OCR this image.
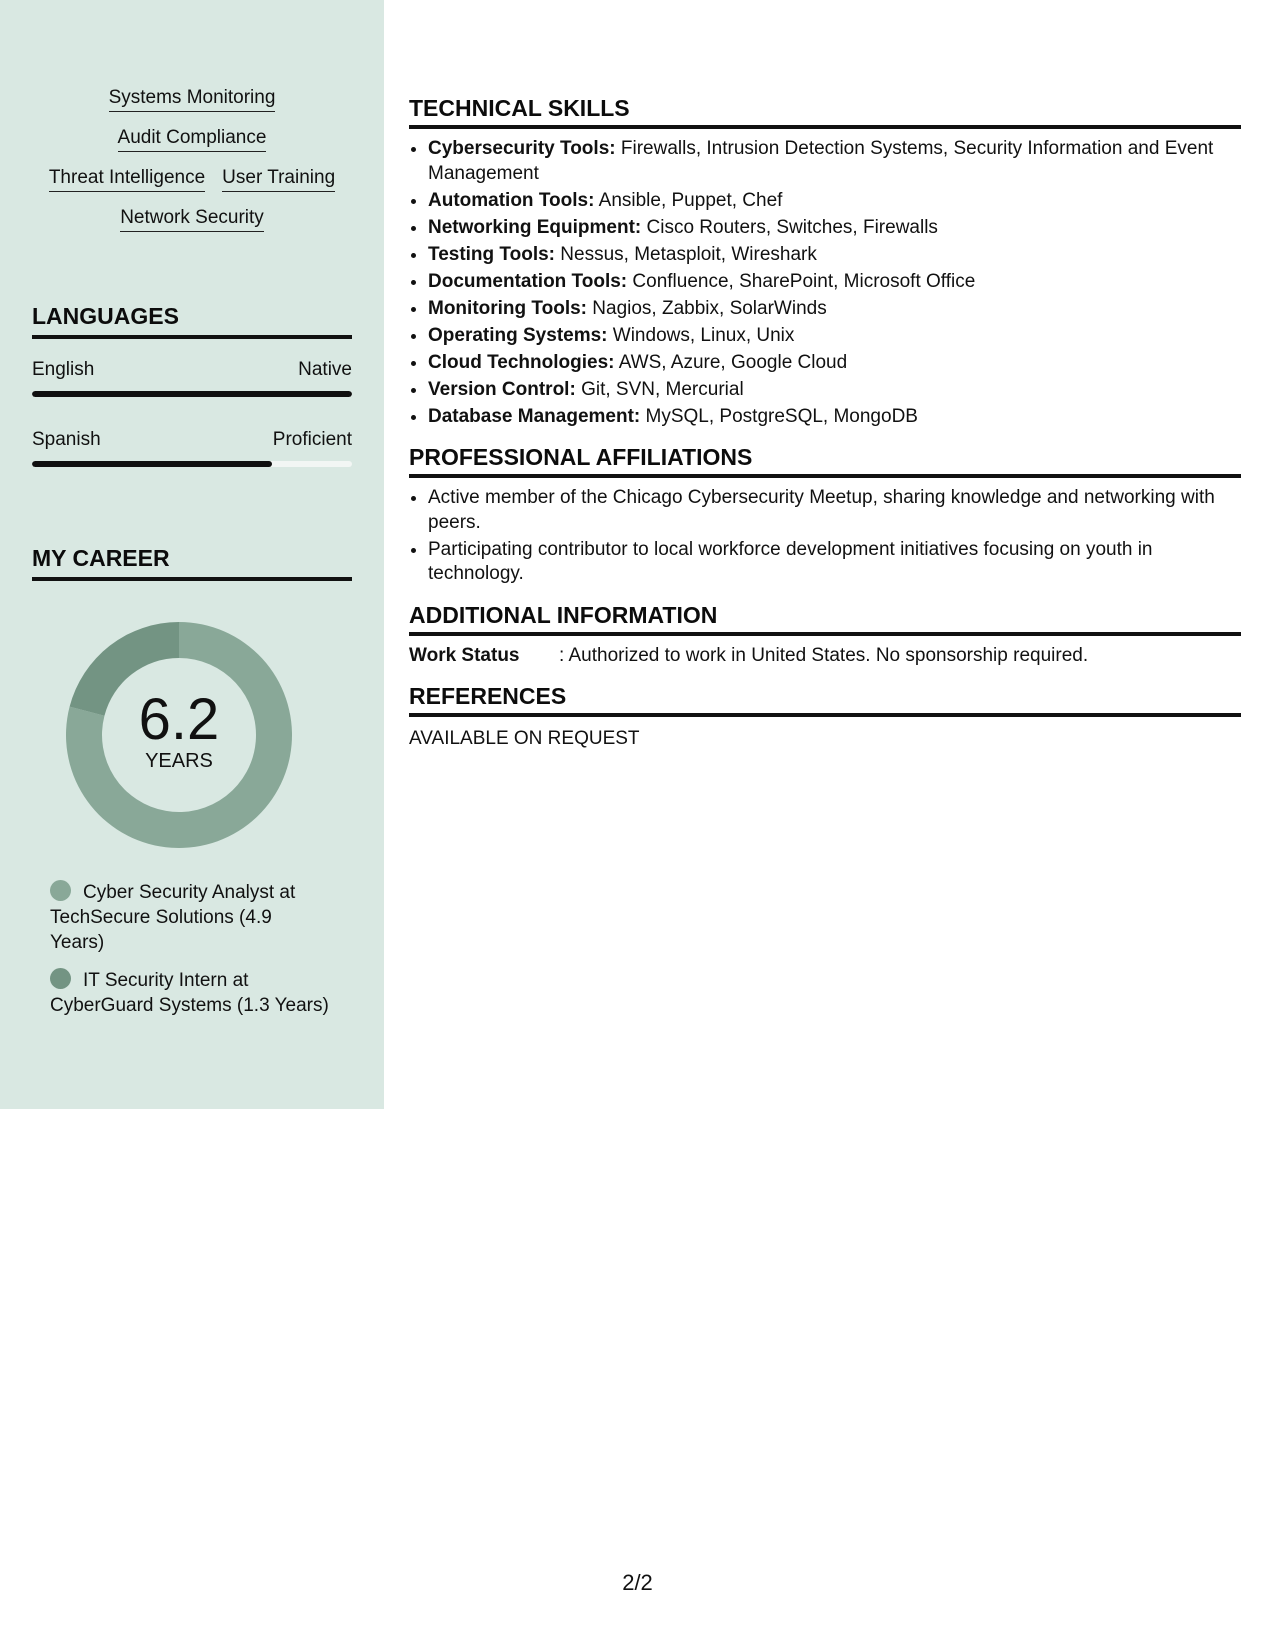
Systems Monitoring
Audit Compliance
Threat Intelligence User Training
Network Security
LANGUAGES
English	Native
Spanish	Proficient
MY CAREER
6.2
YEARS
Cyber Security Analyst at TechSecure Solutions (4.9 Years)
IT Security Intern at CyberGuard Systems (1.3 Years)
TECHNICAL SKILLS
• Cybersecurity Tools: Firewalls, Intrusion Detection Systems, Security Information and Event Management
• Automation Tools: Ansible, Puppet, Chef
• Networking Equipment: Cisco Routers, Switches, Firewalls
• Testing Tools: Nessus, Metasploit, Wireshark
• Documentation Tools: Confluence, SharePoint, Microsoft Office
• Monitoring Tools: Nagios, Zabbix, SolarWinds
• Operating Systems: Windows, Linux, Unix
• Cloud Technologies: AWS, Azure, Google Cloud
• Version Control: Git, SVN, Mercurial
• Database Management: MySQL, PostgreSQL, MongoDB
PROFESSIONAL AFFILIATIONS
• Active member of the Chicago Cybersecurity Meetup, sharing knowledge and networking with peers.
• Participating contributor to local workforce development initiatives focusing on youth in technology.
ADDITIONAL INFORMATION
Work Status	: Authorized to work in United States. No sponsorship required.
REFERENCES
AVAILABLE ON REQUEST
2/2
